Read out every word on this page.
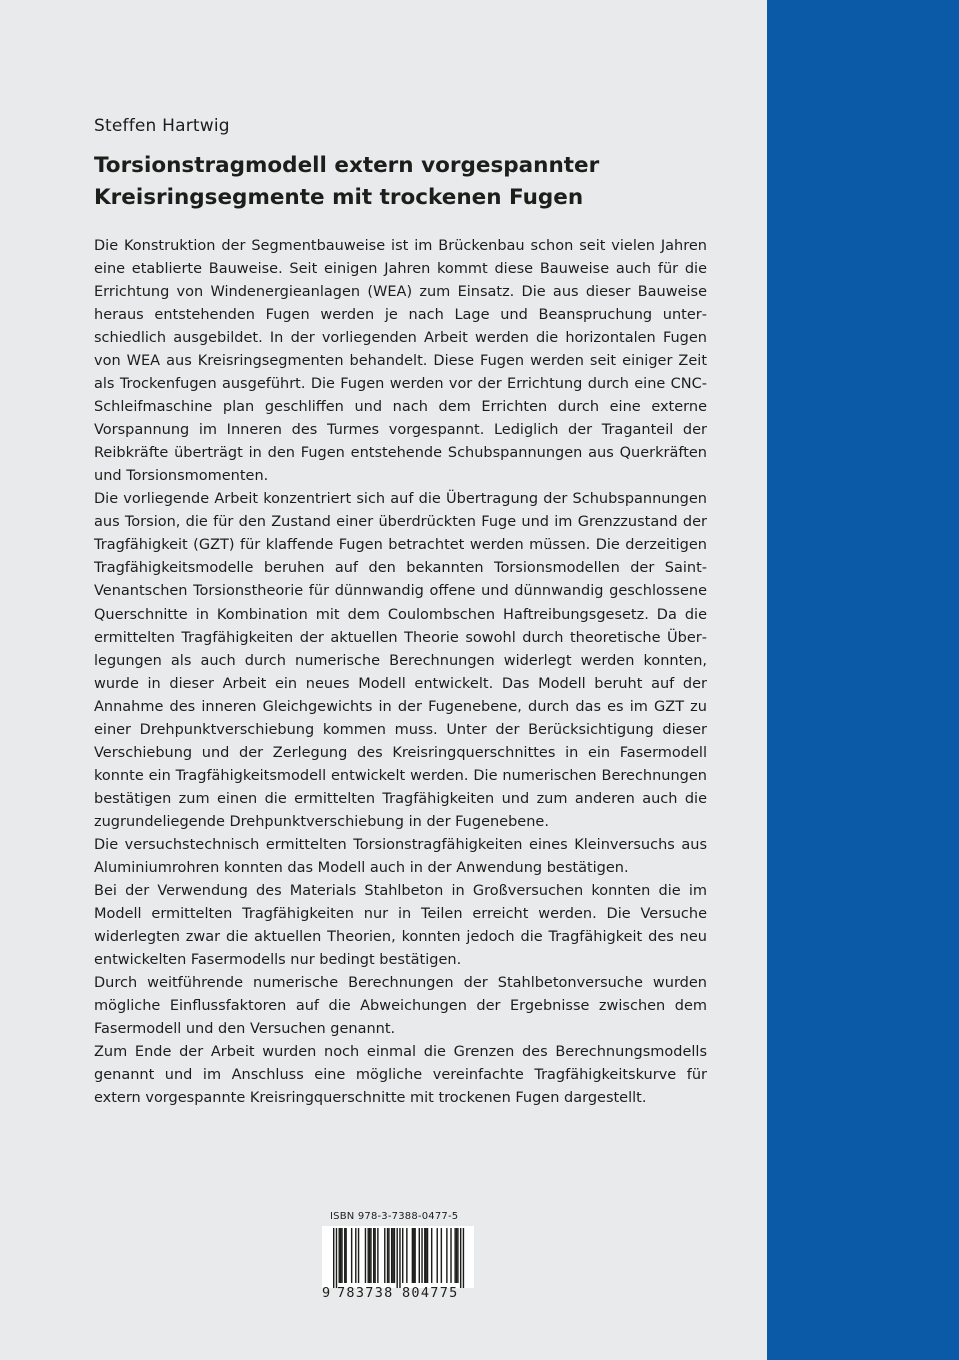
Steffen Hartwig
Torsionstragmodell extern vorgespannter
Kreisringsegmente mit trockenen Fugen

Die Konstruktion der Segmentbauweise ist im Brückenbau schon seit vielen Jahren eine etablierte Bauweise. Seit einigen Jahren kommt diese Bauweise auch für die Errichtung von Windenergieanlagen (WEA) zum Einsatz. Die aus dieser Bauweise heraus entstehenden Fugen werden je nach Lage und Beanspruchung unterschiedlich ausgebildet. In der vorliegenden Arbeit werden die horizontalen Fugen von WEA aus Kreisringsegmenten behandelt. Diese Fugen werden seit einiger Zeit als Trockenfugen ausgeführt. Die Fugen werden vor der Errichtung durch eine CNC-Schleifmaschine plan geschliffen und nach dem Errichten durch eine externe Vorspannung im Inneren des Turmes vorgespannt. Lediglich der Traganteil der Reibkräfte überträgt in den Fugen entstehende Schubspannungen aus Querkräften und Torsionsmomenten.

Die vorliegende Arbeit konzentriert sich auf die Übertragung der Schubspannungen aus Torsion, die für den Zustand einer überdrückten Fuge und im Grenzzustand der Tragfähigkeit (GZT) für klaffende Fugen betrachtet werden müssen. Die derzeitigen Tragfähigkeitsmodelle beruhen auf den bekannten Torsionsmodellen der Saint-Venantschen Torsionstheorie für dünnwandig offene und dünnwandig geschlossene Querschnitte in Kombination mit dem Coulombschen Haftreibungsgesetz. Da die ermittelten Tragfähigkeiten der aktuellen Theorie sowohl durch theoretische Überlegungen als auch durch numerische Berechnungen widerlegt werden konnten, wurde in dieser Arbeit ein neues Modell entwickelt. Das Modell beruht auf der Annahme des inneren Gleichgewichts in der Fugenebene, durch das es im GZT zu einer Drehpunktverschiebung kommen muss. Unter der Berücksichtigung dieser Verschiebung und der Zerlegung des Kreisringquerschnittes in ein Fasermodell konnte ein Tragfähigkeitsmodell entwickelt werden. Die numerischen Berechnungen bestätigen zum einen die ermittelten Tragfähigkeiten und zum anderen auch die zugrundeliegende Drehpunktverschiebung in der Fugenebene.

Die versuchstechnisch ermittelten Torsionstragfähigkeiten eines Kleinversuchs aus Aluminiumrohren konnten das Modell auch in der Anwendung bestätigen.

Bei der Verwendung des Materials Stahlbeton in Großversuchen konnten die im Modell ermittelten Tragfähigkeiten nur in Teilen erreicht werden. Die Versuche widerlegten zwar die aktuellen Theorien, konnten jedoch die Tragfähigkeit des neu entwickelten Fasermodells nur bedingt bestätigen.

Durch weitführende numerische Berechnungen der Stahlbetonversuche wurden mögliche Einflussfaktoren auf die Abweichungen der Ergebnisse zwischen dem Fasermodell und den Versuchen genannt.

Zum Ende der Arbeit wurden noch einmal die Grenzen des Berechnungsmodells genannt und im Anschluss eine mögliche vereinfachte Tragfähigkeitskurve für extern vorgespannte Kreisringquerschnitte mit trockenen Fugen dargestellt.

ISBN 978-3-7388-0477-5
9 783738 804775
